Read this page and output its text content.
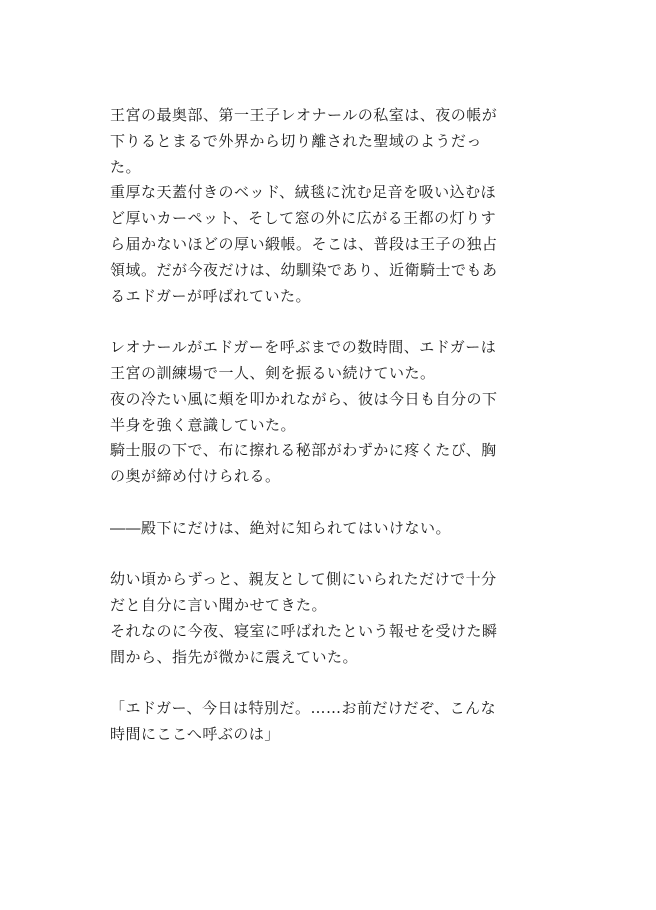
王宮の最奥部、第一王子レオナールの私室は、夜の帳が
下りるとまるで外界から切り離された聖域のようだっ
た。

重厚な天蓋付きのベッド、絨毯に沈む足音を吸い込むほ
ど厚いカーペット、そして窓の外に広がる王都の灯りす
ら届かないほどの厚い緞帳。そこは、普段は王子の独占
領域。だが今夜だけは、幼馴染であり、近衛騎士でもあ
るエドガーが呼ばれていた。

レオナールがエドガーを呼ぶまでの数時間、エドガーは
王宮の訓練場で一人、剣を振るい続けていた。

夜の冷たい風に頬を叩かれながら、彼は今日も自分の下
半身を強く意識していた。

騎士服の下で、布に擦れる秘部がわずかに疼くたび、胸
の奥が締め付けられる。

――殿下にだけは、絶対に知られてはいけない。

幼い頃からずっと、親友として側にいられただけで十分
だと自分に言い聞かせてきた。

それなのに今夜、寝室に呼ばれたという報せを受けた瞬
間から、指先が微かに震えていた。

「エドガー、今日は特別だ。……お前だけだぞ、こんな
時間にここへ呼ぶのは」
